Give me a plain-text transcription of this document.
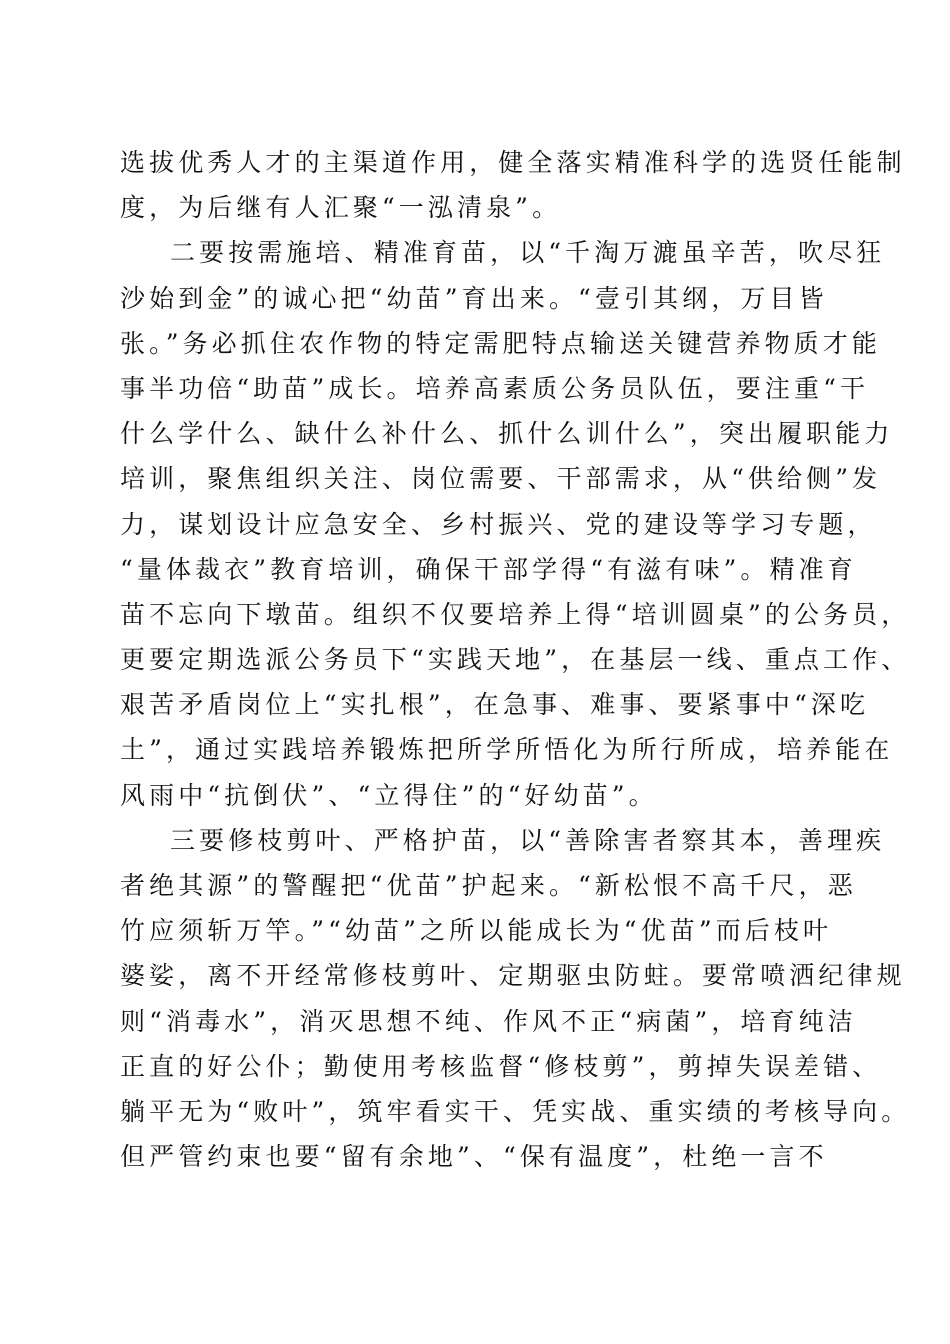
选拔优秀人才的主渠道作用，健全落实精准科学的选贤任能制
度，为后继有人汇聚“一泓清泉”。
二要按需施培、精准育苗，以“千淘万漉虽辛苦，吹尽狂
沙始到金”的诚心把“幼苗”育出来。“壹引其纲，万目皆
张。”务必抓住农作物的特定需肥特点输送关键营养物质才能
事半功倍“助苗”成长。培养高素质公务员队伍，要注重“干
什么学什么、缺什么补什么、抓什么训什么”，突出履职能力
培训，聚焦组织关注、岗位需要、干部需求，从“供给侧”发
力，谋划设计应急安全、乡村振兴、党的建设等学习专题，
“量体裁衣”教育培训，确保干部学得“有滋有味”。精准育
苗不忘向下墩苗。组织不仅要培养上得“培训圆桌”的公务员，
更要定期选派公务员下“实践天地”，在基层一线、重点工作、
艰苦矛盾岗位上“实扎根”，在急事、难事、要紧事中“深吃
土”，通过实践培养锻炼把所学所悟化为所行所成，培养能在
风雨中“抗倒伏”、“立得住”的“好幼苗”。
三要修枝剪叶、严格护苗，以“善除害者察其本，善理疾
者绝其源”的警醒把“优苗”护起来。“新松恨不高千尺，恶
竹应须斩万竿。”“幼苗”之所以能成长为“优苗”而后枝叶
婆娑，离不开经常修枝剪叶、定期驱虫防蛀。要常喷洒纪律规
则“消毒水”，消灭思想不纯、作风不正“病菌”，培育纯洁
正直的好公仆；勤使用考核监督“修枝剪”，剪掉失误差错、
躺平无为“败叶”，筑牢看实干、凭实战、重实绩的考核导向。
但严管约束也要“留有余地”、“保有温度”，杜绝一言不
